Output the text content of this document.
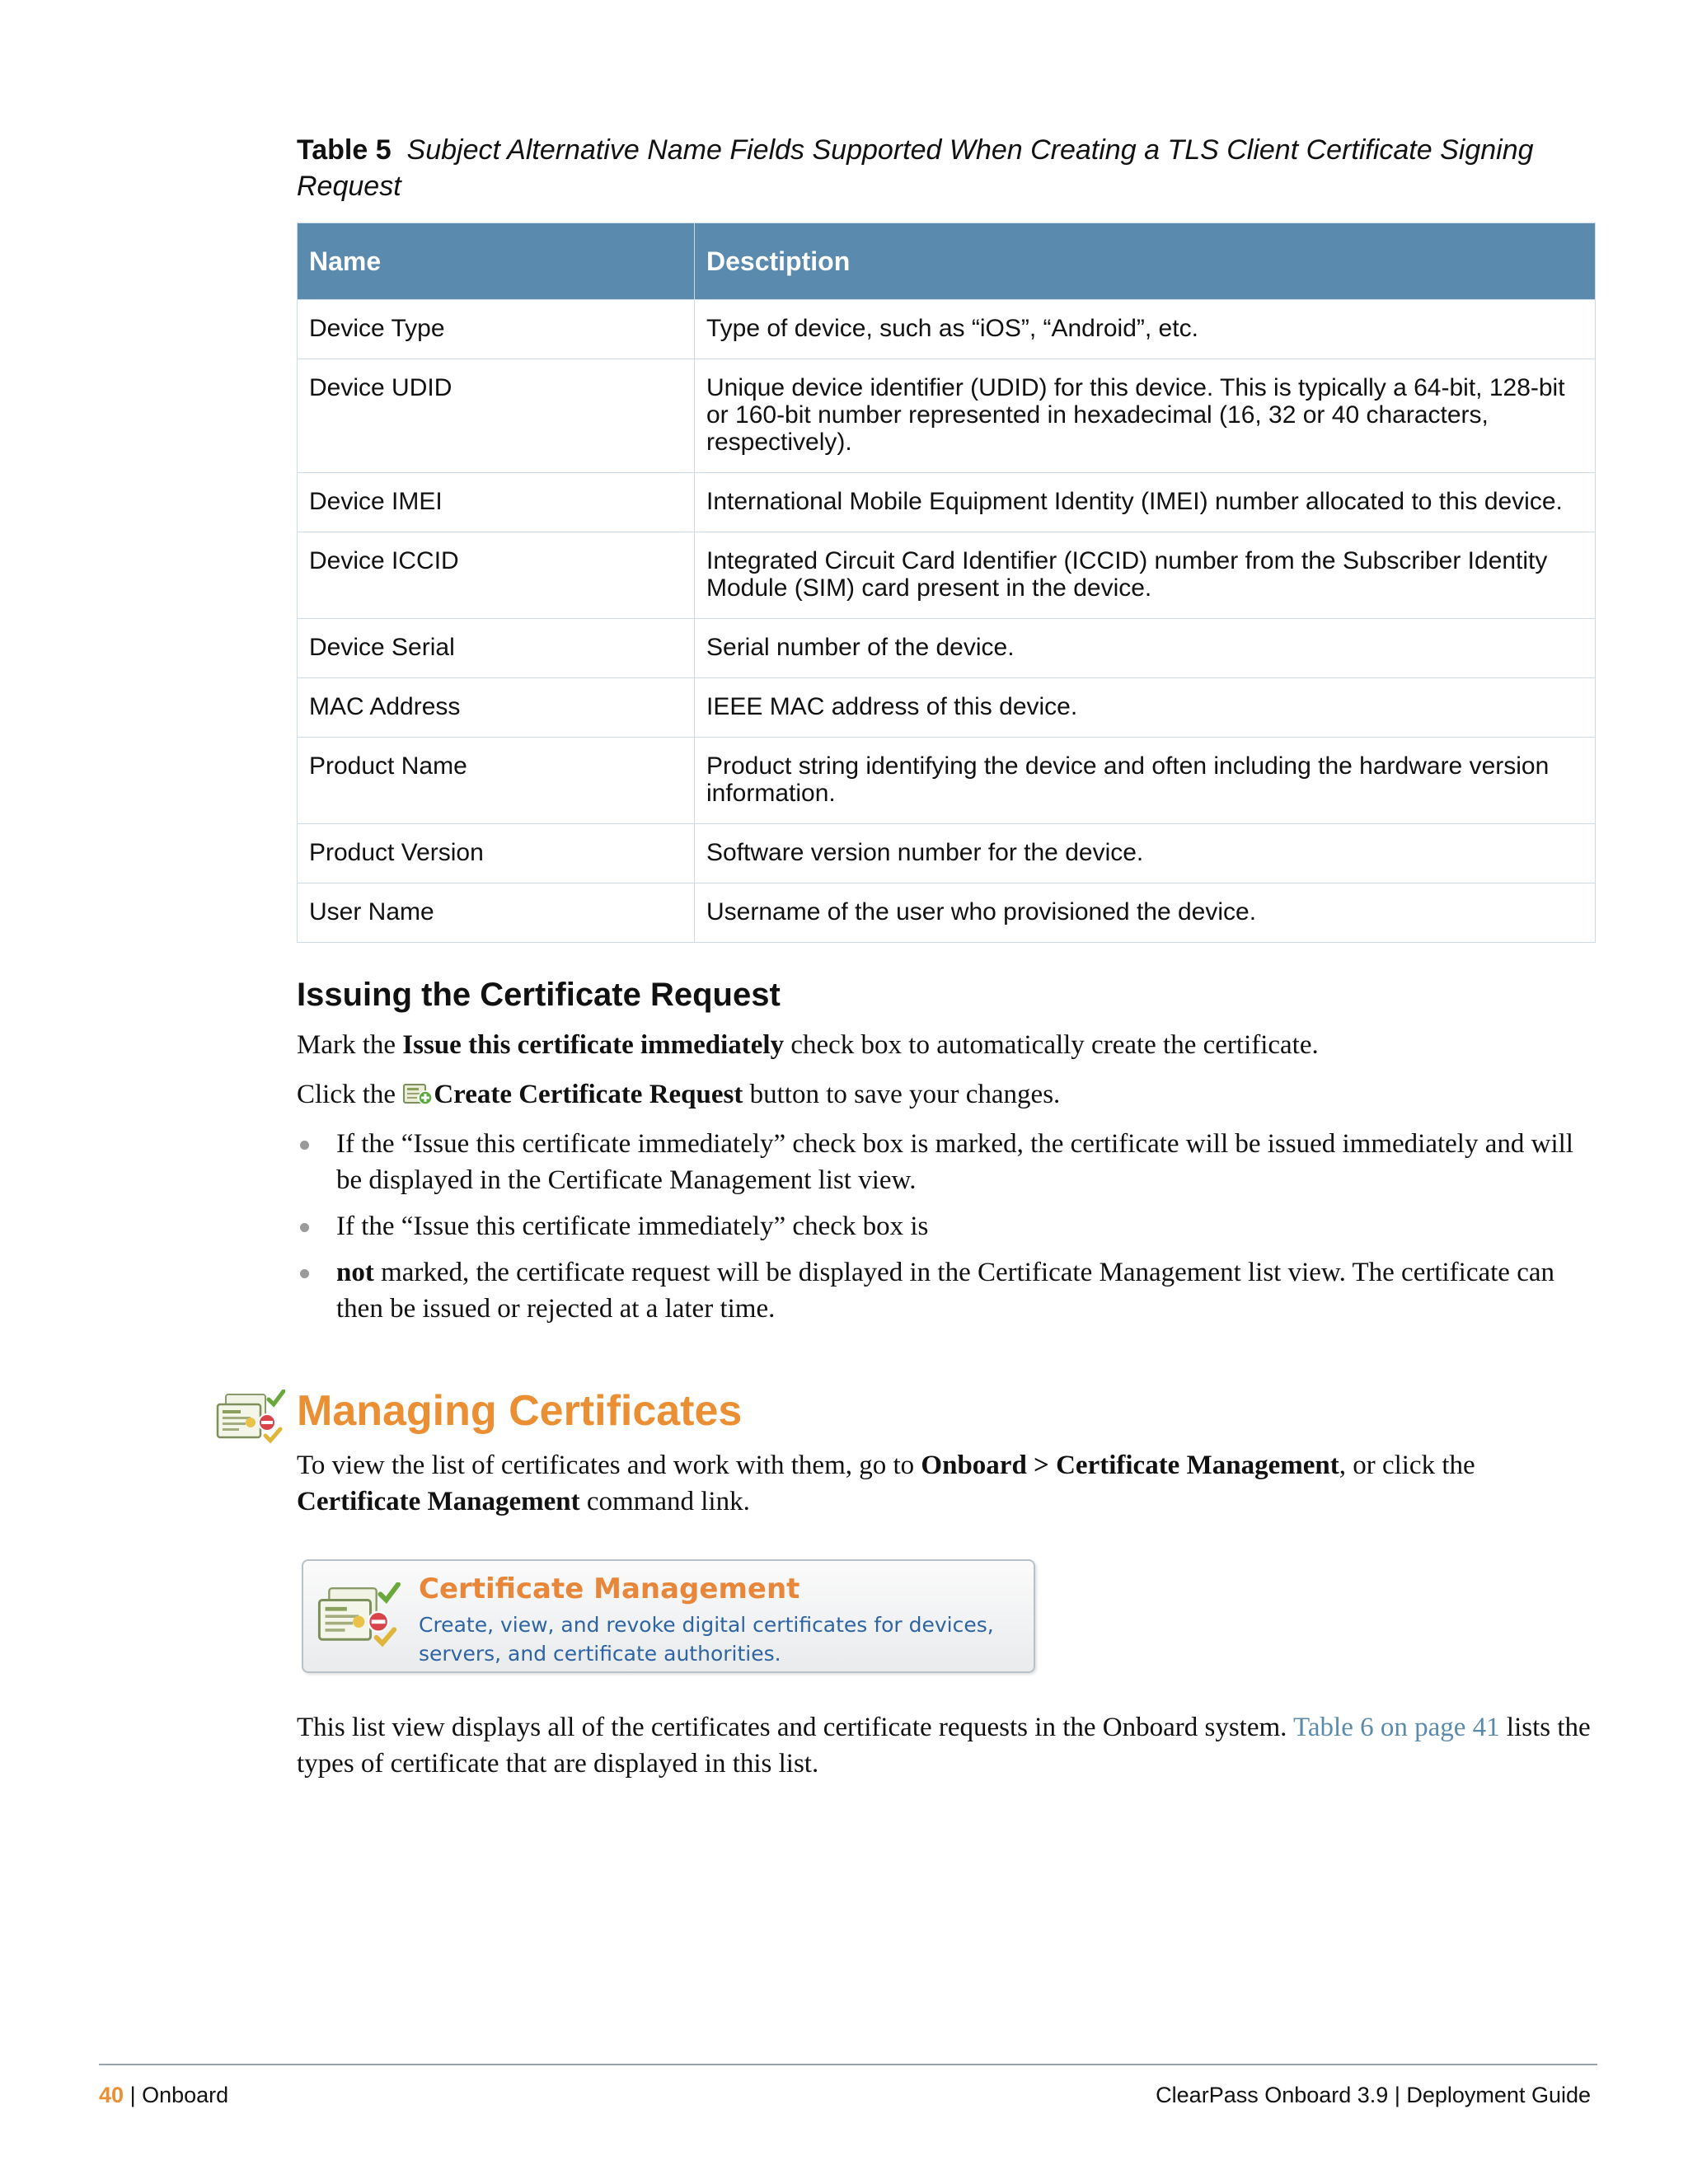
Table 5 Subject Alternative Name Fields Supported When Creating a TLS Client Certificate Signing Request
Name	Desctiption
Device Type	Type of device, such as “iOS”, “Android”, etc.
Device UDID	Unique device identifier (UDID) for this device. This is typically a 64-bit, 128-bit or 160-bit number represented in hexadecimal (16, 32 or 40 characters, respectively).
Device IMEI	International Mobile Equipment Identity (IMEI) number allocated to this device.
Device ICCID	Integrated Circuit Card Identifier (ICCID) number from the Subscriber Identity Module (SIM) card present in the device.
Device Serial	Serial number of the device.
MAC Address	IEEE MAC address of this device.
Product Name	Product string identifying the device and often including the hardware version information.
Product Version	Software version number for the device.
User Name	Username of the user who provisioned the device.
Issuing the Certificate Request

Mark the Issue this certificate immediately check box to automatically create the certificate.

Click the Create Certificate Request button to save your changes.

If the “Issue this certificate immediately” check box is marked, the certificate will be issued immediately and will be displayed in the Certificate Management list view.
If the “Issue this certificate immediately” check box is
not marked, the certificate request will be displayed in the Certificate Management list view. The certificate can then be issued or rejected at a later time.
Managing Certificates

To view the list of certificates and work with them, go to Onboard > Certificate Management, or click the Certificate Management command link.

Certificate Management
Create, view, and revoke digital certificates for devices, servers, and certificate authorities.

This list view displays all of the certificates and certificate requests in the Onboard system. Table 6 on page 41 lists the types of certificate that are displayed in this list.

40 | Onboard	ClearPass Onboard 3.9 | Deployment Guide
